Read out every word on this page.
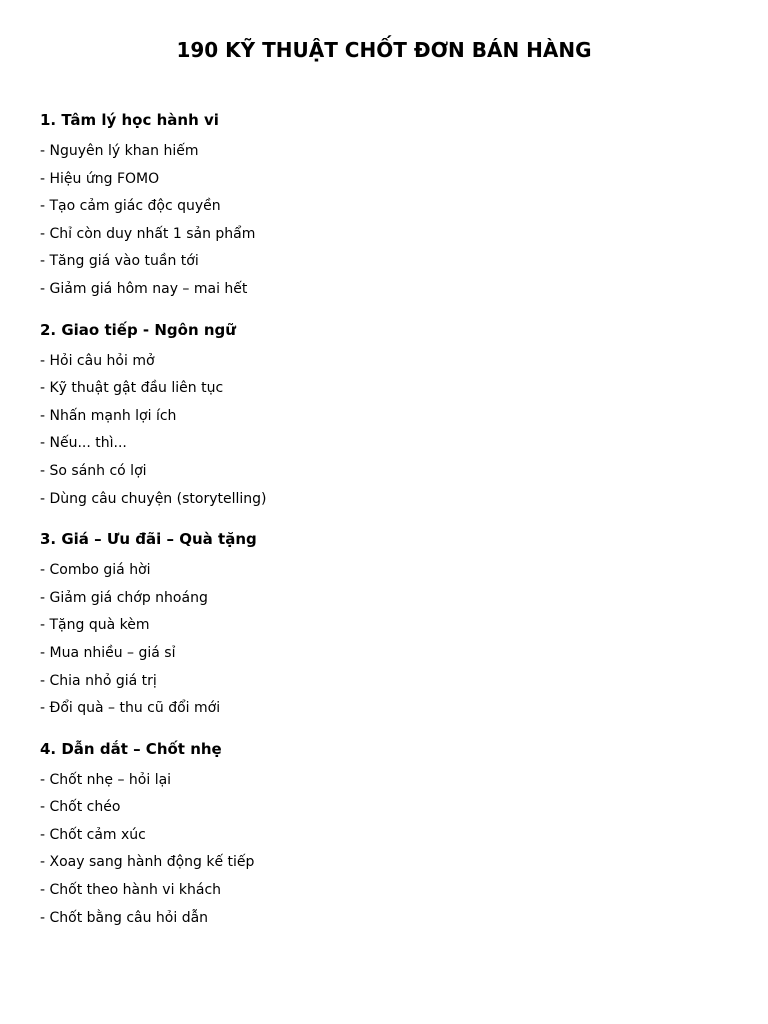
190 KỸ THUẬT CHỐT ĐƠN BÁN HÀNG
1. Tâm lý học hành vi
- Nguyên lý khan hiếm
- Hiệu ứng FOMO
- Tạo cảm giác độc quyền
- Chỉ còn duy nhất 1 sản phẩm
- Tăng giá vào tuần tới
- Giảm giá hôm nay – mai hết
2. Giao tiếp - Ngôn ngữ
- Hỏi câu hỏi mở
- Kỹ thuật gật đầu liên tục
- Nhấn mạnh lợi ích
- Nếu... thì...
- So sánh có lợi
- Dùng câu chuyện (storytelling)
3. Giá – Ưu đãi – Quà tặng
- Combo giá hời
- Giảm giá chớp nhoáng
- Tặng quà kèm
- Mua nhiều – giá sỉ
- Chia nhỏ giá trị
- Đổi quà – thu cũ đổi mới
4. Dẫn dắt – Chốt nhẹ
- Chốt nhẹ – hỏi lại
- Chốt chéo
- Chốt cảm xúc
- Xoay sang hành động kế tiếp
- Chốt theo hành vi khách
- Chốt bằng câu hỏi dẫn
